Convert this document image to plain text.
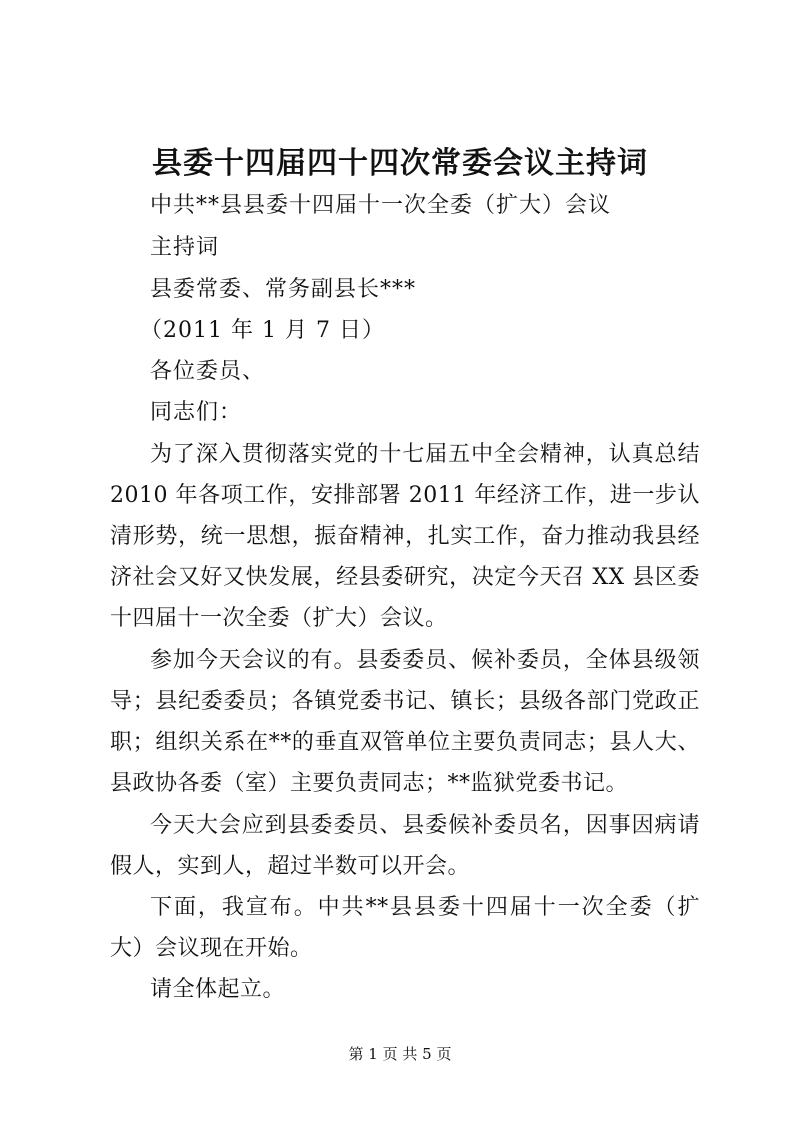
县委十四届四十四次常委会议主持词
中共**县县委十四届十一次全委（扩大）会议
主持词
县委常委、常务副县长***
（2011 年 1 月 7 日）
各位委员、
同志们：

为了深入贯彻落实党的十七届五中全会精神，认真总结 2010 年各项工作，安排部署 2011 年经济工作，进一步认清形势，统一思想，振奋精神，扎实工作，奋力推动我县经济社会又好又快发展，经县委研究，决定今天召 XX 县区委十四届十一次全委（扩大）会议。

参加今天会议的有。县委委员、候补委员，全体县级领导；县纪委委员；各镇党委书记、镇长；县级各部门党政正职；组织关系在**的垂直双管单位主要负责同志；县人大、县政协各委（室）主要负责同志；**监狱党委书记。

今天大会应到县委委员、县委候补委员名，因事因病请假人，实到人，超过半数可以开会。

下面，我宣布。中共**县县委十四届十一次全委（扩大）会议现在开始。

请全体起立。

第 1 页 共 5 页
